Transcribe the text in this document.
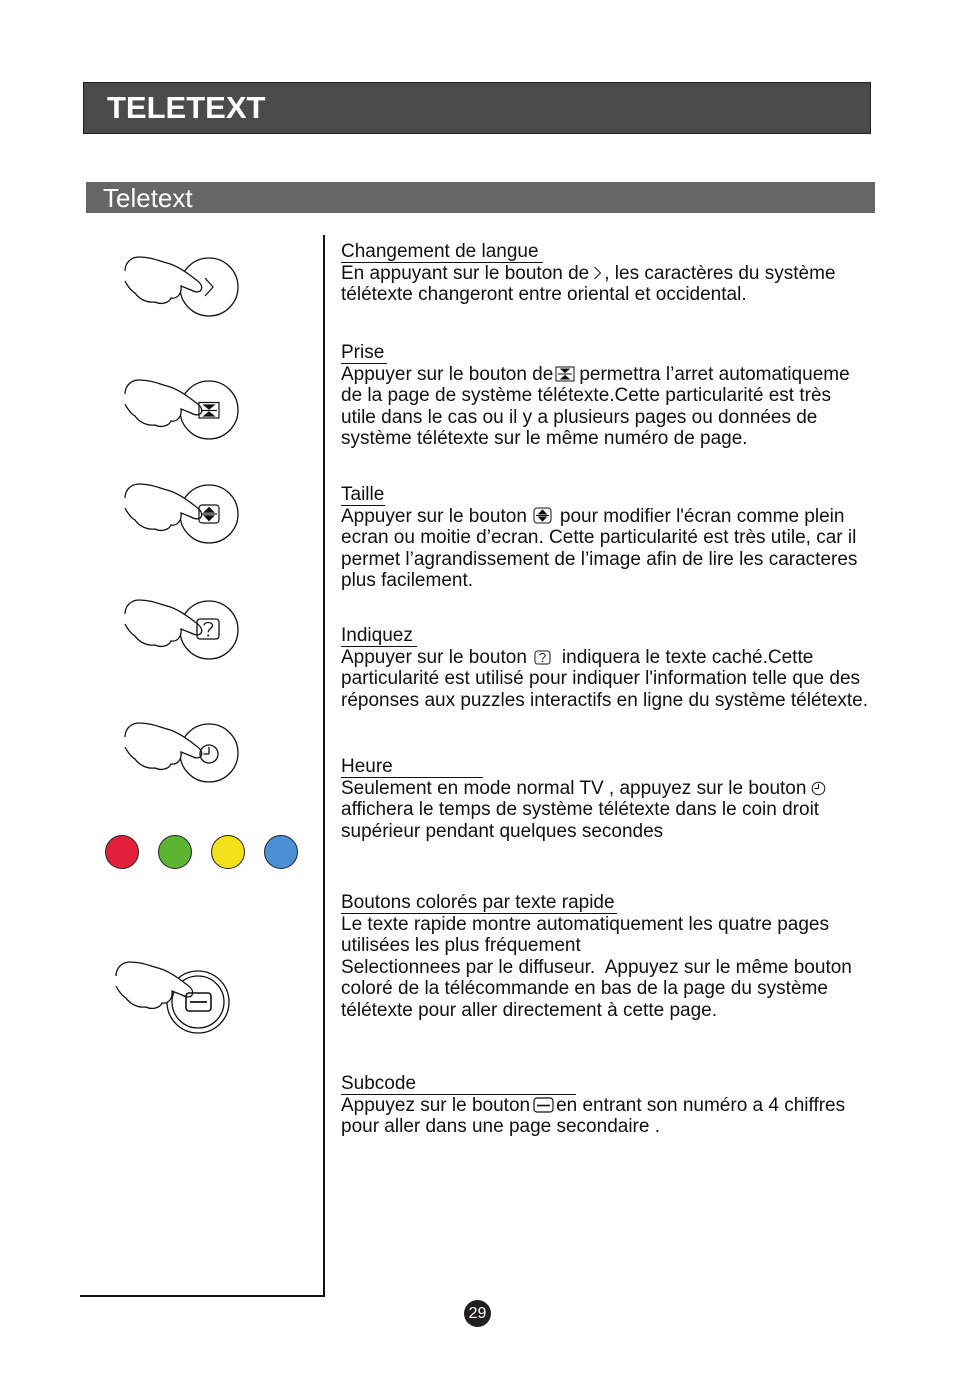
TELETEXT
Teletext
Changement de langue
En appuyant sur le bouton de , les caractères du système
télétexte changeront entre oriental et occidental.
Prise
Appuyer sur le bouton de permettra l’arret automatiqueme
de la page de système télétexte.Cette particularité est très
utile dans le cas ou il y a plusieurs pages ou données de
système télétexte sur le même numéro de page.
Taille
Appuyer sur le bouton pour modifier l'écran comme plein
ecran ou moitie d’ecran. Cette particularité est très utile, car il
permet l’agrandissement de l’image afin de lire les caracteres
plus facilement.
Indiquez
Appuyer sur le bouton indiquera le texte caché.Cette
particularité est utilisé pour indiquer l'information telle que des
réponses aux puzzles interactifs en ligne du système télétexte.
Heure
Seulement en mode normal TV , appuyez sur le bouton
affichera le temps de système télétexte dans le coin droit
supérieur pendant quelques secondes
Boutons colorés par texte rapide
Le texte rapide montre automatiquement les quatre pages
utilisées les plus fréquement
Selectionnees par le diffuseur.  Appuyez sur le même bouton
coloré de la télécommande en bas de la page du système
télétexte pour aller directement à cette page.
Subcode
Appuyez sur le bouton en entrant son numéro a 4 chiffres
pour aller dans une page secondaire .
29
